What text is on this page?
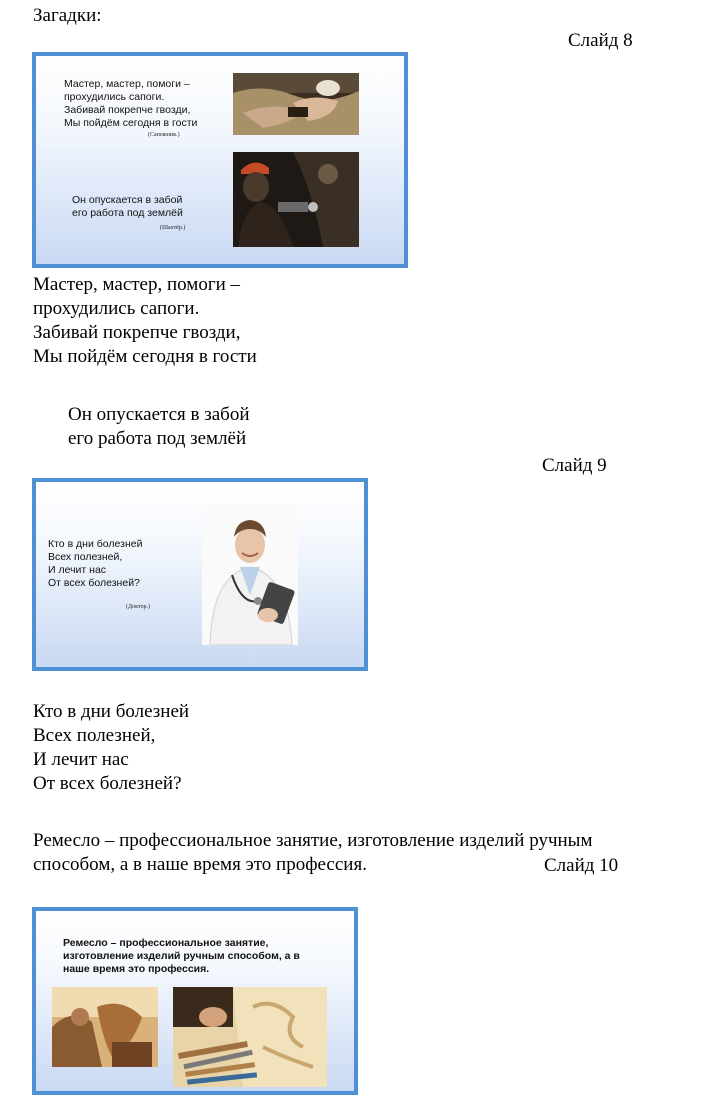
Загадки:
Слайд 8
Мастер, мастер, помоги –
прохудились сапоги.
Забивай покрепче гвозди,
Мы пойдём сегодня в гости
(Сапожник.)
Он опускается в забой
его работа под землёй
(Шахтёр.)
Мастер, мастер, помоги –
прохудились сапоги.
Забивай покрепче гвозди,
Мы пойдём сегодня в гости
Он опускается в забой
его работа под землёй
Слайд 9
Кто в дни болезней
Всех полезней,
И лечит нас
От всех болезней?
(Доктор.)
Кто в дни болезней
Всех полезней,
И лечит нас
От всех болезней?
Ремесло – профессиональное занятие, изготовление изделий ручным
способом, а в наше время это профессия.	Слайд 10
Ремесло – профессиональное занятие,
изготовление изделий ручным способом, а в
наше время это профессия.
